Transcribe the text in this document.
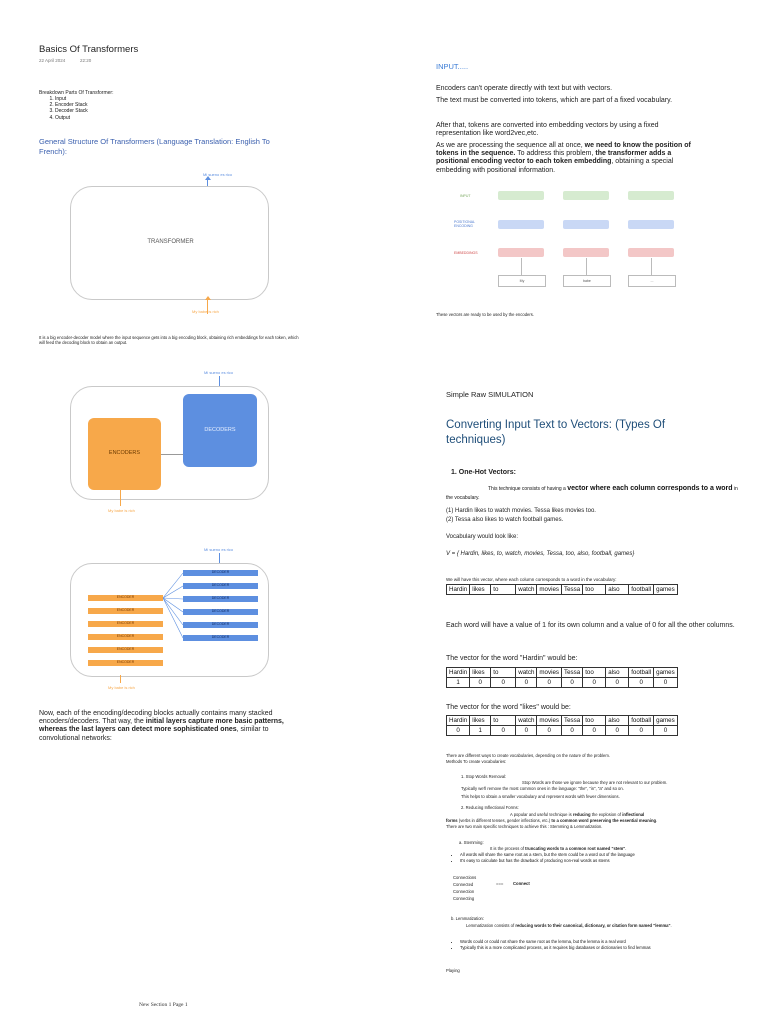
Basics Of Transformers
22 April 2024	22:20
Breakdown Parts Of Transformer:
1. Input
2. Encoder Stack
3. Decoder Stack
4. Output
General Structure Of Transformers (Language Translation: English To French):
Mi sueno es rico
TRANSFORMER
My babe is rich
It is a big encoder-decoder model where the input sequence gets into a big encoding block, obtaining rich embeddings for each token, which will feed the decoding block to obtain an output.
Mi sueno es rico
ENCODERS
DECODERS
My babe is rich
Mi sueno es rico
My babe is rich
ENCODER
ENCODER
ENCODER
ENCODER
ENCODER
ENCODER
DECODER
DECODER
DECODER
DECODER
DECODER
DECODER
Now, each of the encoding/decoding blocks actually contains many stacked encoders/decoders. That way, the initial layers capture more basic patterns, whereas the last layers can detect more sophisticated ones, similar to convolutional networks:
New Section 1 Page 1
INPUT.....
Encoders can't operate directly with text but with vectors.
The text must be converted into tokens, which are part of a fixed vocabulary.
After that, tokens are converted into embedding vectors by using a fixed representation like word2vec,etc.
As we are processing the sequence all at once, we need to know the position of tokens in the sequence. To address this problem, the transformer adds a positional encoding vector to each token embedding, obtaining a special embedding with positional information.
INPUT
POSITIONAL ENCODING
EMBEDDINGS
My	babe	...
These vectors are ready to be used by the encoders.
Simple Raw SIMULATION
Converting Input Text to Vectors: (Types Of techniques)
1. One-Hot Vectors:
This technique consists of having a vector where each column corresponds to a word in the vocabulary.
(1) Hardin likes to watch movies. Tessa likes movies too.
(2) Tessa also likes to watch football games.
Vocabulary would look like:
V = { Hardin, likes, to, watch, movies, Tessa, too, also, football, games}
We will have this vector, where each column corresponds to a word in the vocabulary:
Hardin	likes	to	watch	movies	Tessa	too	also	football	games
Each word will have a value of 1 for its own column and a value of 0 for all the other columns.
The vector for the word "Hardin" would be:
Hardin	likes	to	watch	movies	Tessa	too	also	football	games
1	0	0	0	0	0	0	0	0	0
The vector for the word "likes" would be:
Hardin	likes	to	watch	movies	Tessa	too	also	football	games
0	1	0	0	0	0	0	0	0	0
There are different ways to create vocabularies, depending on the nature of the problem.
Methods To create vocabularies:
1. Stop Words Removal:
Stop Words are those we ignore because they are not relevant to our problem.
Typically we'll remove the most common ones in the language: "the", "in", "a" and so on.
This helps to obtain a smaller vocabulary and represent words with fewer dimensions.
2. Reducing Inflectional Forms:
A popular and useful technique is reducing the explosion of inflectional
forms (verbs in different tenses, gender inflections, etc.) to a common word preserving the essential meaning.
There are two main specific techniques to achieve this : Stemming & Lemmatization.
a. Stemming:
It is the process of truncating words to a common root named "stem".
• All words will share the same root as a stem, but the stem could be a word out of the language
• It's easy to calculate but has the drawback of producing non-real words as stems
Connections
Connected
Connection
Connecting
=== Connect
b. Lemmatization:
Lemmatization consists of reducing words to their canonical, dictionary, or citation form named "lemma".
• Words could or could not share the same root as the lemma, but the lemma is a real word
• Typically this is a more complicated process, as it requires big databases or dictionaries to find lemmas
Playing
